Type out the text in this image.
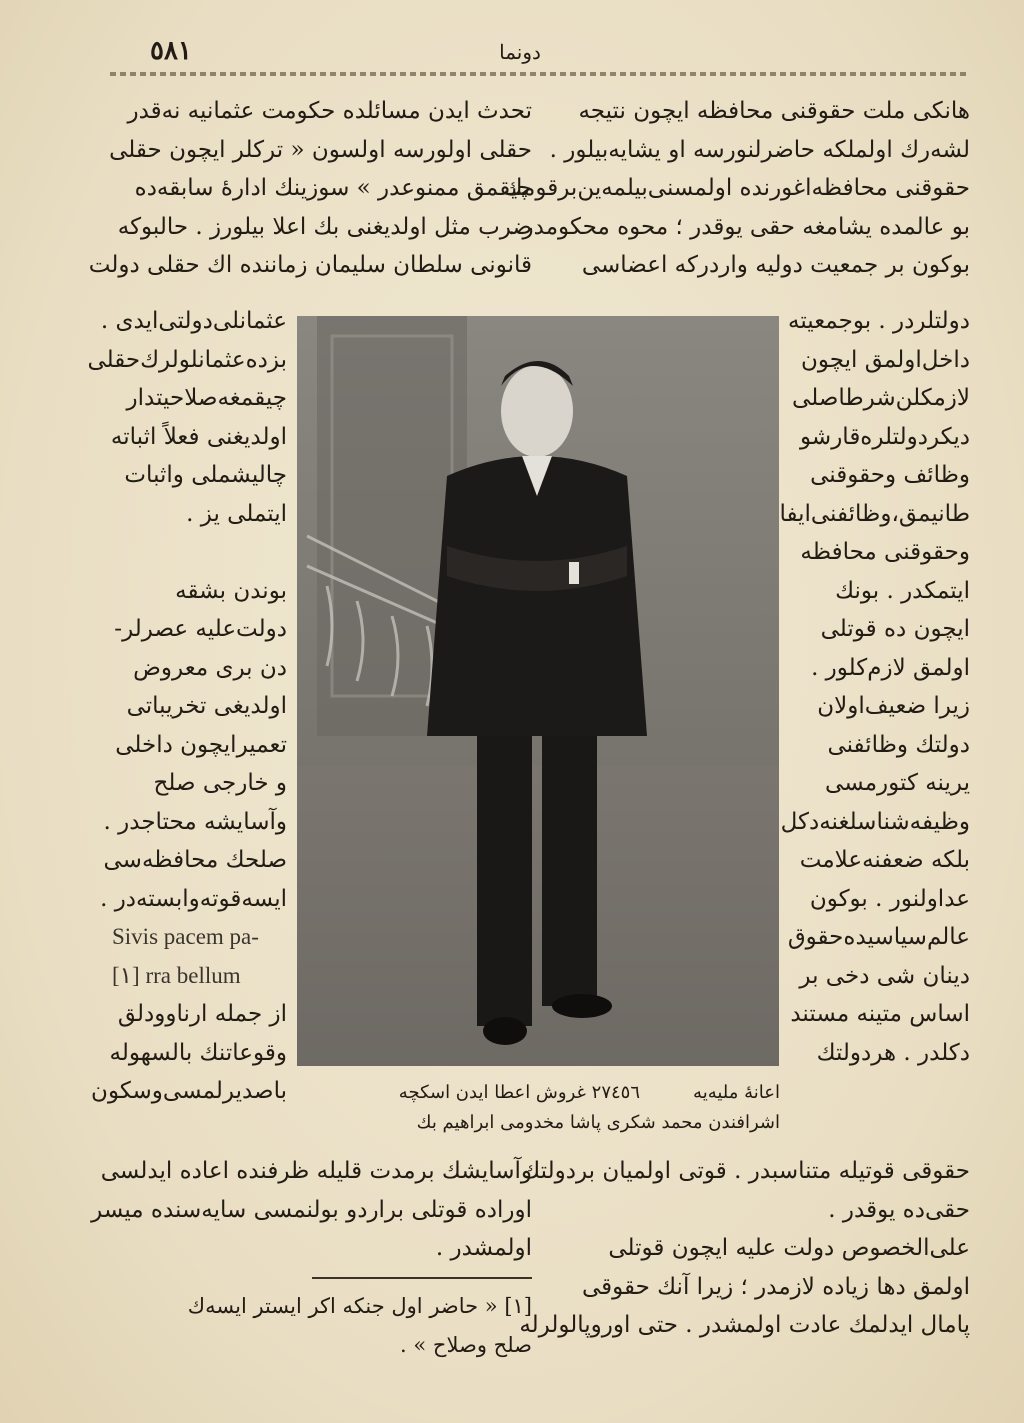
٥٨١	دونما

هانكی ملت حقوقنی محافظه ایچون نتیجه‌

لشه‌رك اولملكه حاضرلنورسه او یشایه‌بیلور .

حقوقنی محافظه‌اغورنده اولمسنی‌بیلمه‌ین‌برقومك

بو عالمده یشامغه حقی یوقدر ؛ محوه محكومدر .

بوكون بر جمعیت دولیه واردركه اعضاسی

تحدث ایدن مسائلده حكومت عثمانیه نه‌قدر

حقلی اولورسه اولسون « تركلر ایچون حقلی

چیقمق ممنوعدر » سوزینك ادارهٔ سابقه‌ده

ضرب مثل اولدیغنی بك اعلا بیلورز . حالبوكه

قانونی سلطان سلیمان زماننده اك حقلی دولت

عثمانلی‌دولتی‌ایدی .

بزده‌عثمانلولرك‌حقلی

چیقمغه‌صلاحیتدار

اولدیغنی فعلاً اثباته

چالیشملی واثبات

ایتملی یز .

بوندن بشقه

دولت‌علیه عصرلر-

دن بری معروض

اولدیغی تخریباتی

تعمیر‌ایچون داخلی

و خارجی صلح

وآسایشه محتاجدر .

صلحك محافظه‌سی

ایسه‌قوته‌وابسته‌در .

Sivis pacem pa-

[١] rra bellum

از جمله ارناوودلق

وقوعاتنك بالسهوله

باصدیرلمسی‌وسكون

دولتلردر . بوجمعیته

داخل‌اولمق ایچون

لازمكلن‌شرطاصلی

دیكردولتلره‌قارشو

وظائف وحقوقنی

طانیمق،وظائفنی‌ایفا

وحقوقنی محافظه

ایتمكدر . بونك

ایچون ده قوتلی

اولمق لازم‌كلور .

زیرا ضعیف‌اولان

دولتك وظائفنی

یرینه كتورمسی

وظیفه‌شناسلغنه‌دكل

بلكه ضعفنه‌علامت

عداولنور . بوكون

عالم‌سیاسیده‌حقوق

دینان شی دخی بر

اساس متینه مستند

دكلدر . هردولتك

اعانهٔ ملیه‌یه
٢٧٤٥٦ غروش اعطا ایدن اسكچه
اشرافندن محمد شكری پاشا مخدومی ابراهیم بك

حقوقی قوتیله متناسبدر . قوتی اولمیان بردولتك

حقی‌ده یوقدر .

علی‌الخصوص دولت علیه ایچون قوتلی

اولمق دها زیاده لازمدر ؛ زیرا آنك حقوقی

پامال ایدلمك عادت اولمشدر . حتی اوروپالولرله

وآسایشك برمدت قلیله ظرفنده اعاده ایدلسی

اوراده قوتلی براردو بولنمسی سایه‌سنده میسر

اولمشدر .

[١] « حاضر اول جنكه اكر ایستر ایسه‌ك

صلح وصلاح » .
